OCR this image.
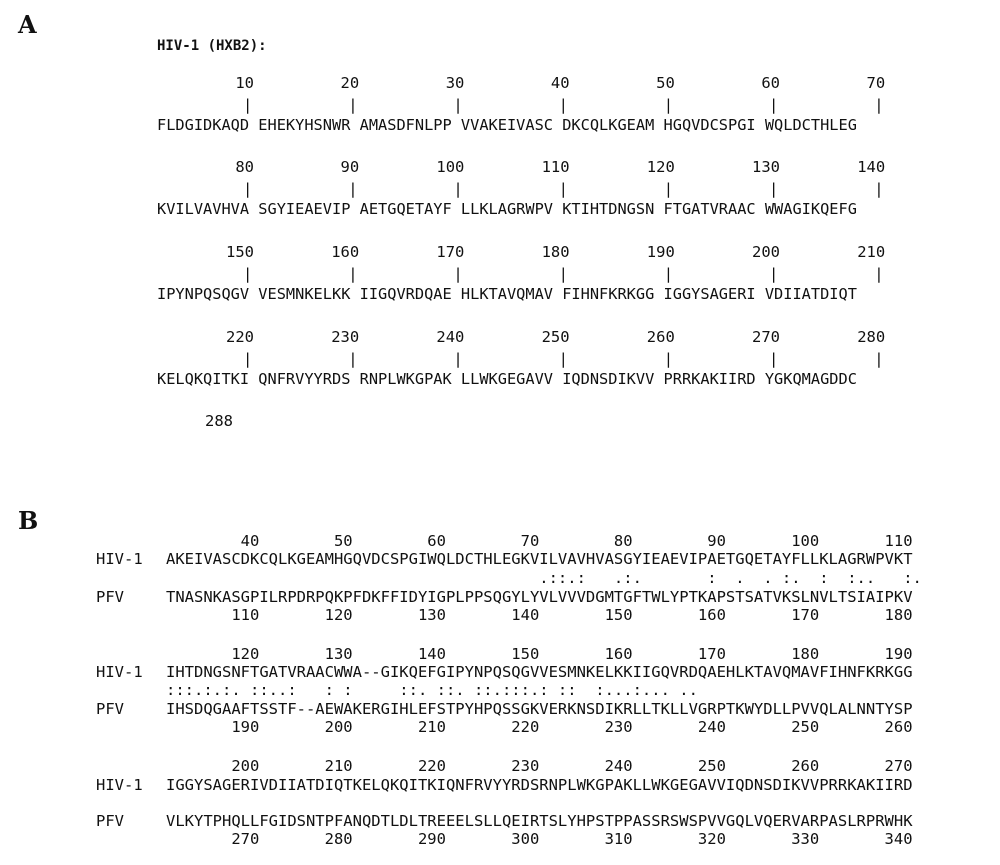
A
HIV-1 (HXB2):
10
|
20
|
30
|
40
|
50
|
60
|
70
|
FLDGIDKAQD EHEKYHSNWR AMASDFNLPP VVAKEIVASC DKCQLKGEAM HGQVDCSPGI WQLDCTHLEG
80
|
90
|
100
|
110
|
120
|
130
|
140
|
KVILVAVHVA SGYIEAEVIP AETGQETAYF LLKLAGRWPV KTIHTDNGSN FTGATVRAAC WWAGIKQEFG
150
|
160
|
170
|
180
|
190
|
200
|
210
|
IPYNPQSQGV VESMNKELKK IIGQVRDQAE HLKTAVQMAV FIHNFKRKGG IGGYSAGERI VDIIATDIQT
220
|
230
|
240
|
250
|
260
|
270
|
280
|
KELQKQITKI QNFRVYYRDS RNPLWKGPAK LLWKGEGAVV IQDNSDIKVV PRRKAKIIRD YGKQMAGDDC
288
B
40        50        60        70        80        90       100       110
HIV-1 AKEIVASCDKCQLKGEAMHGQVDCSPGIWQLDCTHLEGKVILVAVHVASGYIEAEVIPAETGQETAYFLLKLAGRWPVKT
.::.:   .:.       :  .  . :.  :  :..   :.
PFV	TNASNKASGPILRPDRPQKPFDKFFIDYIGPLPPSQGYLYVLVVVDGMTGFTWLYPTKAPSTSATVKSLNVLTSIAIPKV
110       120       130       140       150       160       170       180
120       130       140       150       160       170       180       190
HIV-1 IHTDNGSNFTGATVRAACWWA--GIKQEFGIPYNPQSQGVVESMNKELKKIIGQVRDQAEHLKTAVQMAVFIHNFKRKGG
:::.:.:. ::..:   : :     ::. ::. ::.:::.: ::  :...:... ..
PFV	IHSDQGAAFTSSTF--AEWAKERGIHLEFSTPYHPQSSGKVERKNSDIKRLLTKLLVGRPTKWYDLLPVVQLALNNTYSP
190       200       210       220       230       240       250       260
200       210       220       230       240       250       260       270
HIV-1 IGGYSAGERIVDIIATDIQTKELQKQITKIQNFRVYYRDSRNPLWKGPAKLLWKGEGAVVIQDNSDIKVVPRRKAKIIRD
PFV	VLKYTPHQLLFGIDSNTPFANQDTLDLTREEELSLLQEIRTSLYHPSTPPASSRSWSPVVGQLVQERVARPASLRPRWHK
270       280       290       300       310       320       330       340
